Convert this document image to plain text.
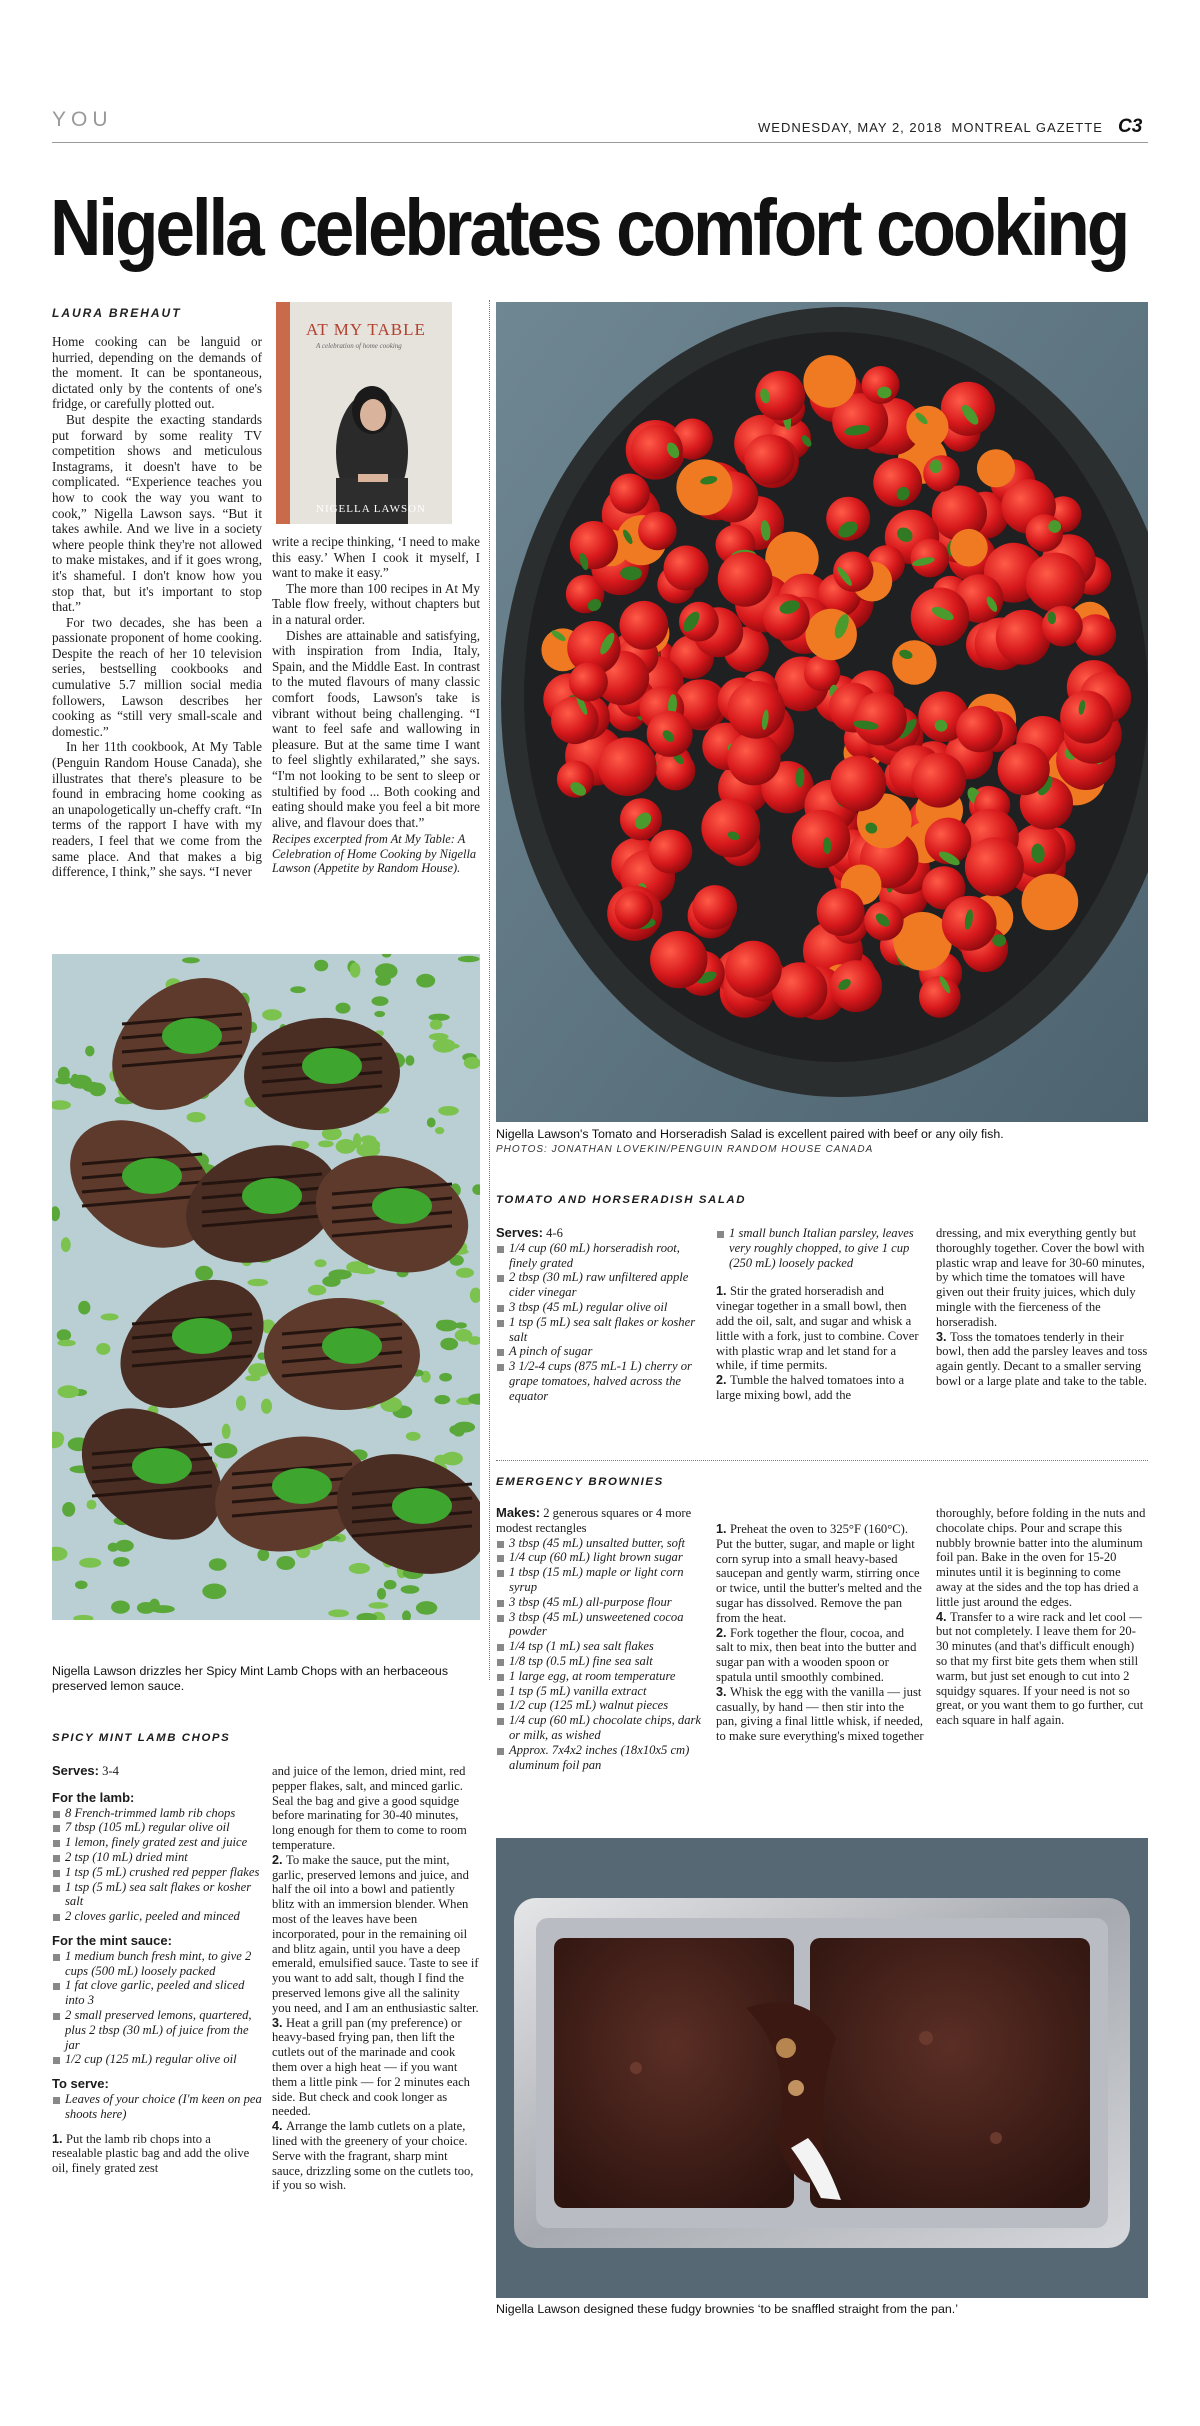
YOU	WEDNESDAY, MAY 2, 2018  MONTREAL GAZETTE C3
Nigella celebrates comfort cooking
LAURA BREHAUT
AT MY TABLE
A celebration of home cooking
NIGELLA LAWSON

Home cooking can be languid or hurried, depending on the demands of the moment. It can be spontaneous, dictated only by the contents of one's fridge, or carefully plotted out.

But despite the exacting standards put forward by some reality TV competition shows and meticulous Instagrams, it doesn't have to be complicated. “Experience teaches you how to cook the way you want to cook,” Nigella Lawson says. “But it takes awhile. And we live in a society where people think they're not allowed to make mistakes, and if it goes wrong, it's shameful. I don't know how you stop that, but it's important to stop that.”

For two decades, she has been a passionate proponent of home cooking. Despite the reach of her 10 television series, bestselling cookbooks and cumulative 5.7 million social media followers, Lawson describes her cooking as “still very small-scale and domestic.”

In her 11th cookbook, At My Table (Penguin Random House Canada), she illustrates that there's pleasure to be found in embracing home cooking as an unapologetically un-cheffy craft. “In terms of the rapport I have with my readers, I feel that we come from the same place. And that makes a big difference, I think,” she says. “I never

write a recipe thinking, ‘I need to make this easy.’ When I cook it myself, I want to make it easy.”

The more than 100 recipes in At My Table flow freely, without chapters but in a natural order.

Dishes are attainable and satisfying, with inspiration from India, Italy, Spain, and the Middle East. In contrast to the muted flavours of many classic comfort foods, Lawson's take is vibrant without being challenging. “I want to feel safe and wallowing in pleasure. But at the same time I want to feel slightly exhilarated,” she says. “I'm not looking to be sent to sleep or stultified by food ... Both cooking and eating should make you feel a bit more alive, and flavour does that.”

Recipes excerpted from At My Table: A Celebration of Home Cooking by Nigella Lawson (Appetite by Random House).

Nigella Lawson's Tomato and Horseradish Salad is excellent paired with beef or any oily fish.
PHOTOS: JONATHAN LOVEKIN/PENGUIN RANDOM HOUSE CANADA
Nigella Lawson drizzles her Spicy Mint Lamb Chops with an herbaceous preserved lemon sauce.
TOMATO AND HORSERADISH SALAD
Serves: 4-6
1/4 cup (60 mL) horseradish root, finely grated
2 tbsp (30 mL) raw unfiltered apple cider vinegar
3 tbsp (45 mL) regular olive oil
1 tsp (5 mL) sea salt flakes or kosher salt
A pinch of sugar
3 1/2-4 cups (875 mL-1 L) cherry or grape tomatoes, halved across the equator
1 small bunch Italian parsley, leaves very roughly chopped, to give 1 cup (250 mL) loosely packed

1. Stir the grated horseradish and vinegar together in a small bowl, then add the oil, salt, and sugar and whisk a little with a fork, just to combine. Cover with plastic wrap and let stand for a while, if time permits.

2. Tumble the halved tomatoes into a large mixing bowl, add the

dressing, and mix everything gently but thoroughly together. Cover the bowl with plastic wrap and leave for 30-60 minutes, by which time the tomatoes will have given out their fruity juices, which duly mingle with the fierceness of the horseradish.

3. Toss the tomatoes tenderly in their bowl, then add the parsley leaves and toss again gently. Decant to a smaller serving bowl or a large plate and take to the table.

EMERGENCY BROWNIES
Makes: 2 generous squares or 4 more modest rectangles
3 tbsp (45 mL) unsalted butter, soft
1/4 cup (60 mL) light brown sugar
1 tbsp (15 mL) maple or light corn syrup
3 tbsp (45 mL) all-purpose flour
3 tbsp (45 mL) unsweetened cocoa powder
1/4 tsp (1 mL) sea salt flakes
1/8 tsp (0.5 mL) fine sea salt
1 large egg, at room temperature
1 tsp (5 mL) vanilla extract
1/2 cup (125 mL) walnut pieces
1/4 cup (60 mL) chocolate chips, dark or milk, as wished
Approx. 7x4x2 inches (18x10x5 cm) aluminum foil pan

1. Preheat the oven to 325°F (160°C). Put the butter, sugar, and maple or light corn syrup into a small heavy-based saucepan and gently warm, stirring once or twice, until the butter's melted and the sugar has dissolved. Remove the pan from the heat.

2. Fork together the flour, cocoa, and salt to mix, then beat into the butter and sugar pan with a wooden spoon or spatula until smoothly combined.

3. Whisk the egg with the vanilla — just casually, by hand — then stir into the pan, giving a final little whisk, if needed, to make sure everything's mixed together

thoroughly, before folding in the nuts and chocolate chips. Pour and scrape this nubbly brownie batter into the aluminum foil pan. Bake in the oven for 15-20 minutes until it is beginning to come away at the sides and the top has dried a little just around the edges.

4. Transfer to a wire rack and let cool — but not completely. I leave them for 20-30 minutes (and that's difficult enough) so that my first bite gets them when still warm, but just set enough to cut into 2 squidgy squares. If your need is not so great, or you want them to go further, cut each square in half again.

Nigella Lawson designed these fudgy brownies ‘to be snaffled straight from the pan.’
SPICY MINT LAMB CHOPS
Serves: 3-4
For the lamb:
8 French-trimmed lamb rib chops
7 tbsp (105 mL) regular olive oil
1 lemon, finely grated zest and juice
2 tsp (10 mL) dried mint
1 tsp (5 mL) crushed red pepper flakes
1 tsp (5 mL) sea salt flakes or kosher salt
2 cloves garlic, peeled and minced
For the mint sauce:
1 medium bunch fresh mint, to give 2 cups (500 mL) loosely packed
1 fat clove garlic, peeled and sliced into 3
2 small preserved lemons, quartered, plus 2 tbsp (30 mL) of juice from the jar
1/2 cup (125 mL) regular olive oil
To serve:
Leaves of your choice (I'm keen on pea shoots here)

1. Put the lamb rib chops into a resealable plastic bag and add the olive oil, finely grated zest

and juice of the lemon, dried mint, red pepper flakes, salt, and minced garlic. Seal the bag and give a good squidge before marinating for 30-40 minutes, long enough for them to come to room temperature.

2. To make the sauce, put the mint, garlic, preserved lemons and juice, and half the oil into a bowl and patiently blitz with an immersion blender. When most of the leaves have been incorporated, pour in the remaining oil and blitz again, until you have a deep emerald, emulsified sauce. Taste to see if you want to add salt, though I find the preserved lemons give all the salinity you need, and I am an enthusiastic salter.

3. Heat a grill pan (my preference) or heavy-based frying pan, then lift the cutlets out of the marinade and cook them over a high heat — if you want them a little pink — for 2 minutes each side. But check and cook longer as needed.

4. Arrange the lamb cutlets on a plate, lined with the greenery of your choice. Serve with the fragrant, sharp mint sauce, drizzling some on the cutlets too, if you so wish.
